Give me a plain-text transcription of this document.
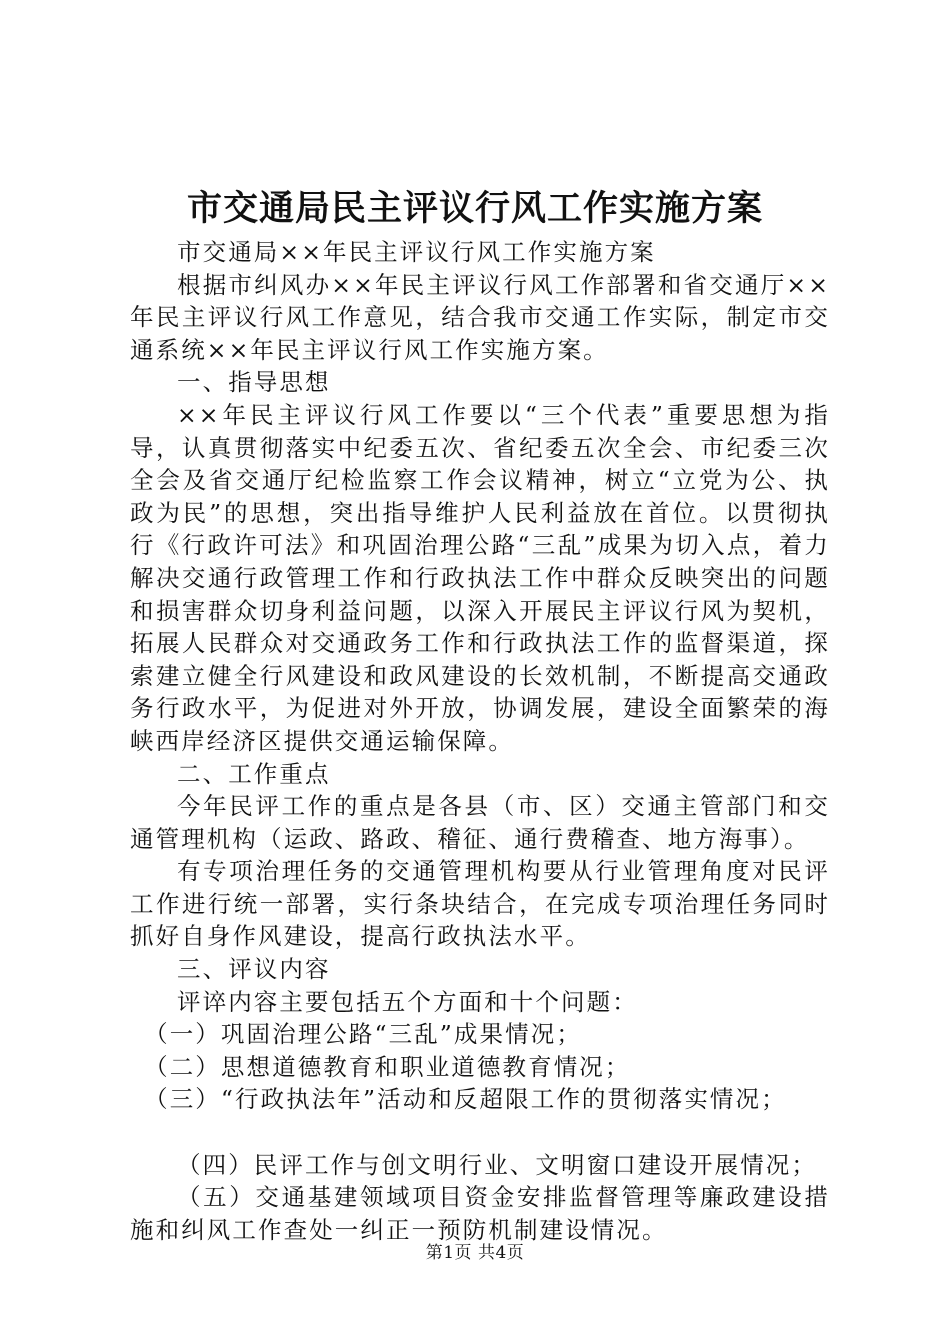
市交通局民主评议行风工作实施方案

市交通局××年民主评议行风工作实施方案

根据市纠风办××年民主评议行风工作部署和省交通厅××年民主评议行风工作意见，结合我市交通工作实际，制定市交通系统××年民主评议行风工作实施方案。

一、指导思想

××年民主评议行风工作要以“三个代表”重要思想为指导，认真贯彻落实中纪委五次、省纪委五次全会、市纪委三次全会及省交通厅纪检监察工作会议精神，树立“立党为公、执政为民”的思想，突出指导维护人民利益放在首位。以贯彻执行《行政许可法》和巩固治理公路“三乱”成果为切入点，着力解决交通行政管理工作和行政执法工作中群众反映突出的问题和损害群众切身利益问题，以深入开展民主评议行风为契机，拓展人民群众对交通政务工作和行政执法工作的监督渠道，探索建立健全行风建设和政风建设的长效机制，不断提高交通政务行政水平，为促进对外开放，协调发展，建设全面繁荣的海峡西岸经济区提供交通运输保障。

二、工作重点

今年民评工作的重点是各县（市、区）交通主管部门和交通管理机构（运政、路政、稽征、通行费稽查、地方海事）。

有专项治理任务的交通管理机构要从行业管理角度对民评工作进行统一部署，实行条块结合，在完成专项治理任务同时抓好自身作风建设，提高行政执法水平。

三、评议内容

评谇内容主要包括五个方面和十个问题：

（一）巩固治理公路“三乱”成果情况；

（二）思想道德教育和职业道德教育情况；

（三）“行政执法年”活动和反超限工作的贯彻落实情况；

（四）民评工作与创文明行业、文明窗口建设开展情况；

（五）交通基建领域项目资金安排监督管理等廉政建设措施和纠风工作查处一纠正一预防机制建设情况。

第1页 共4页
